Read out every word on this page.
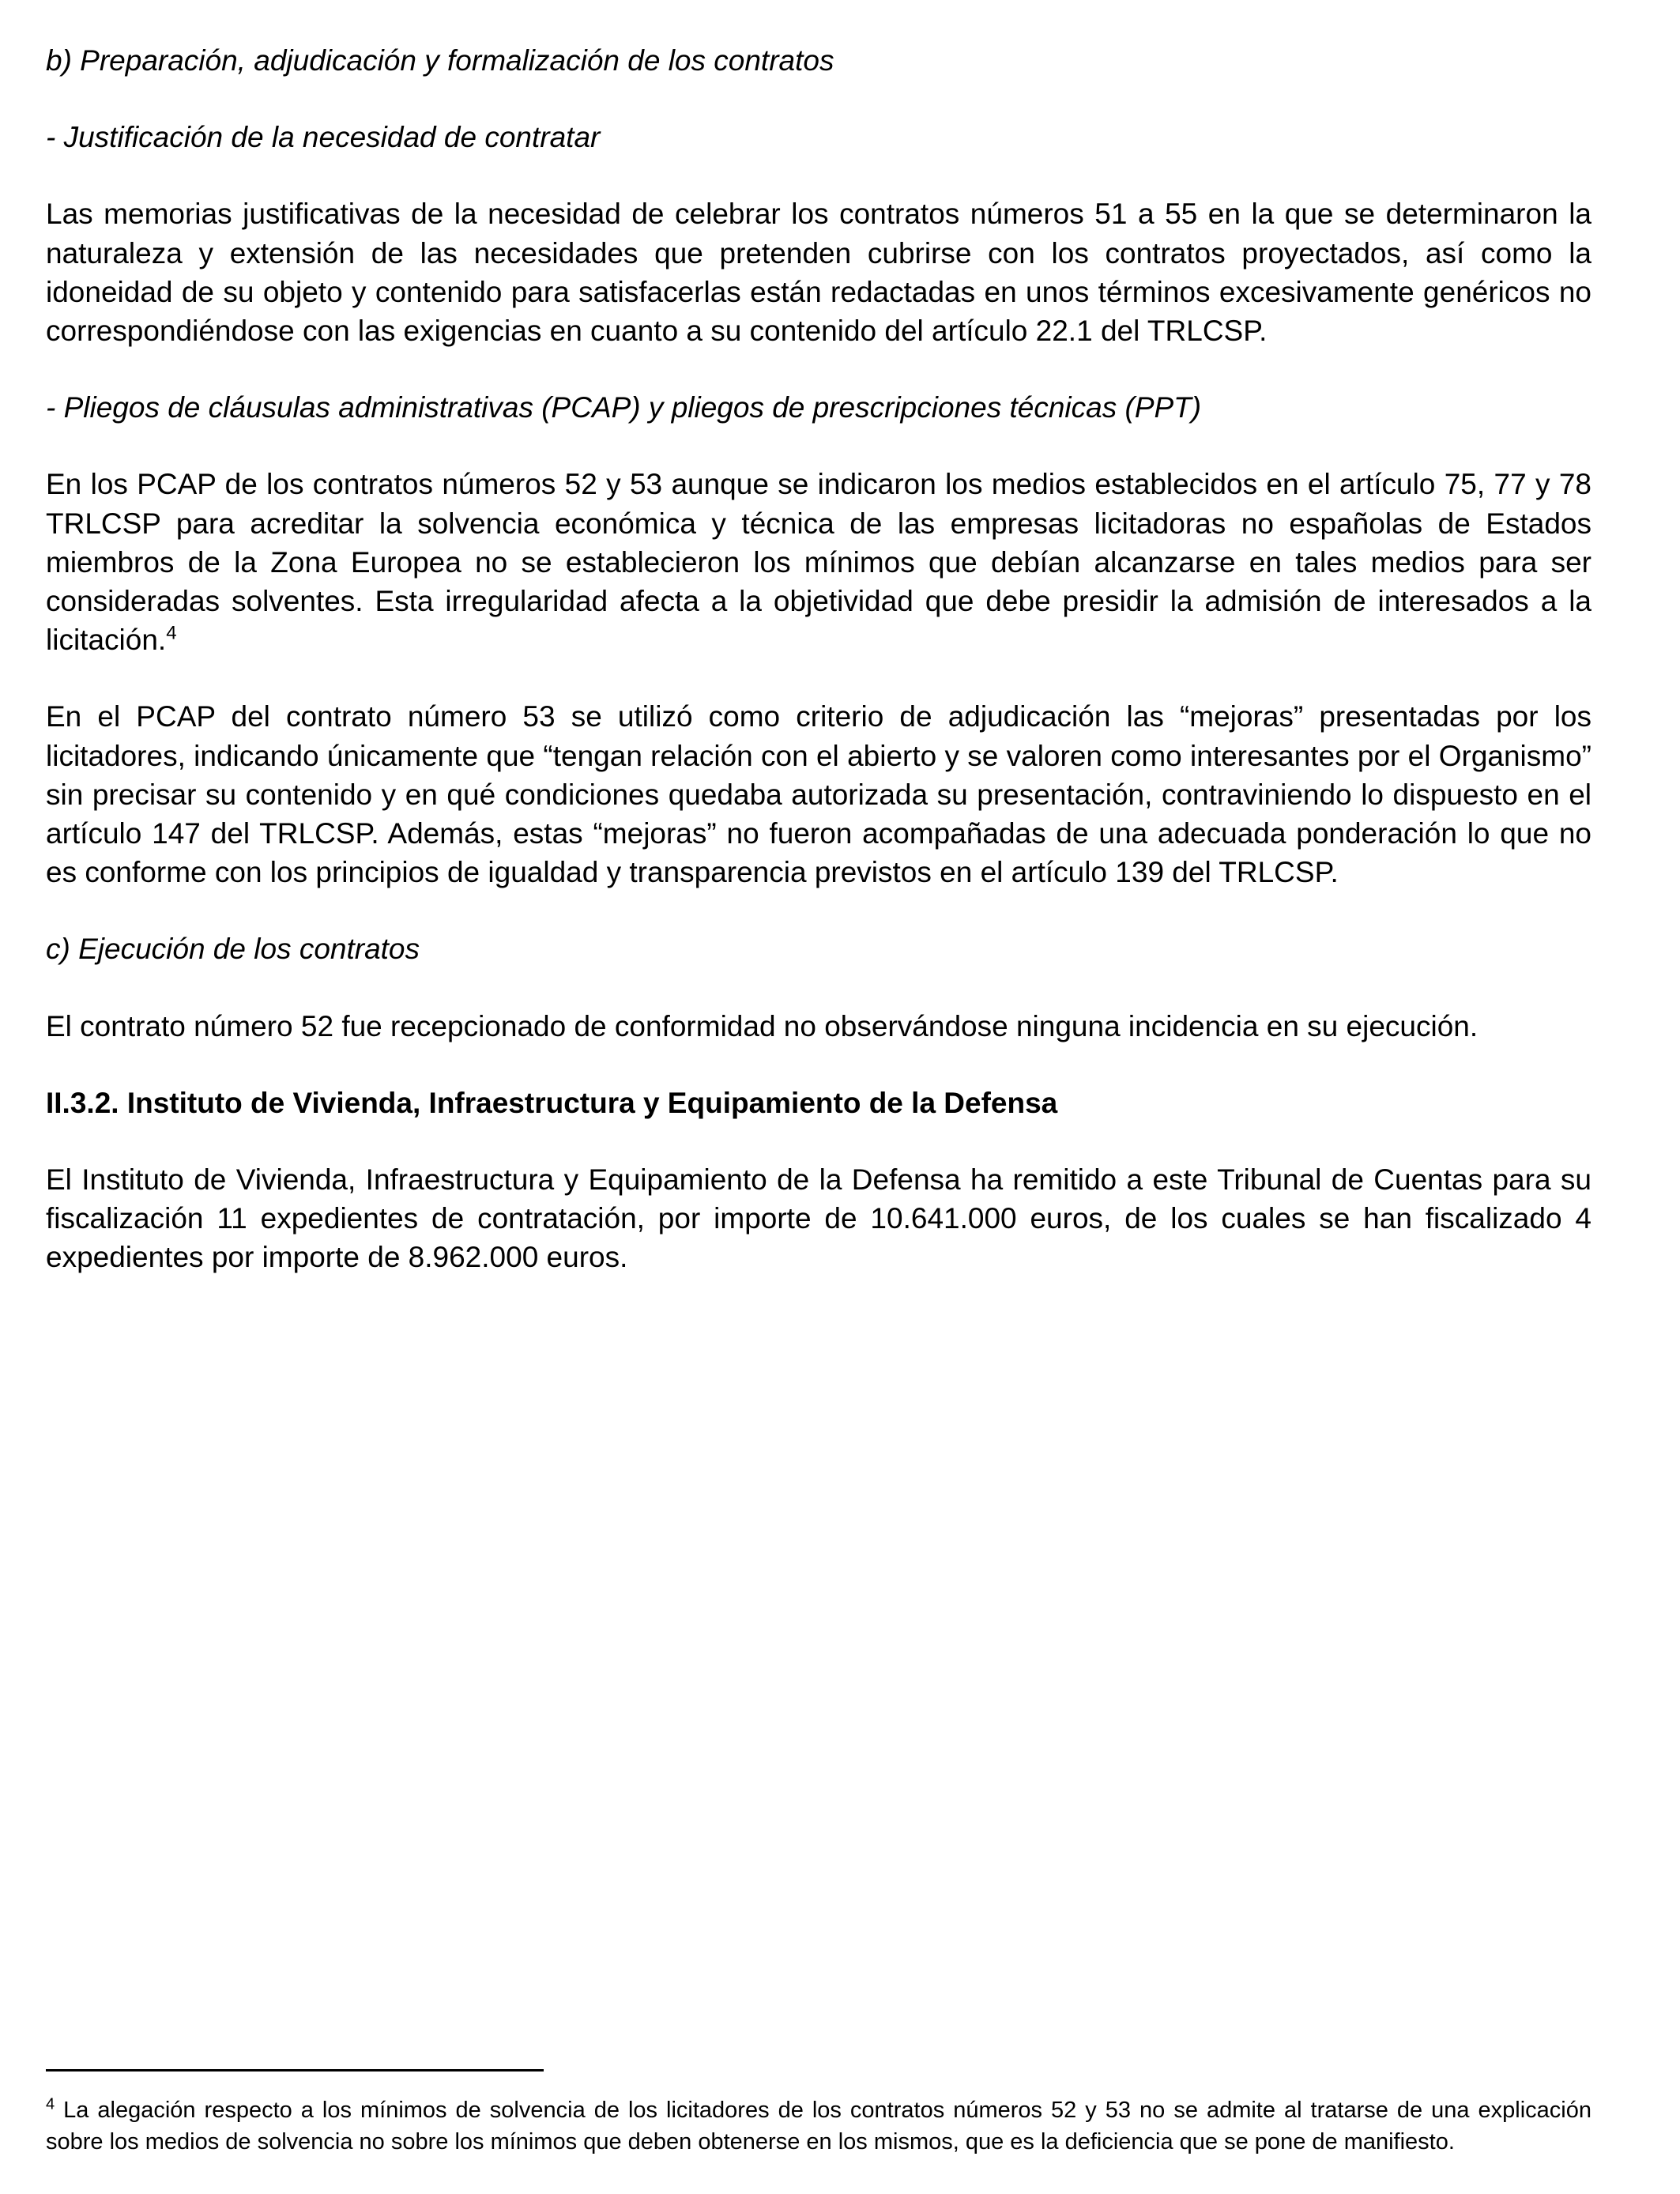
b) Preparación, adjudicación y formalización de los contratos

- Justificación de la necesidad de contratar

Las memorias justificativas de la necesidad de celebrar los contratos números 51 a 55 en la que se determinaron la naturaleza y extensión de las necesidades que pretenden cubrirse con los contratos proyectados, así como la idoneidad de su objeto y contenido para satisfacerlas están redactadas en unos términos excesivamente genéricos no correspondiéndose con las exigencias en cuanto a su contenido del artículo 22.1 del TRLCSP.

- Pliegos de cláusulas administrativas (PCAP) y pliegos de prescripciones técnicas (PPT)

En los PCAP de los contratos números 52 y 53 aunque se indicaron los medios establecidos en el artículo 75, 77 y 78 TRLCSP para acreditar la solvencia económica y técnica de las empresas licitadoras no españolas de Estados miembros de la Zona Europea no se establecieron los mínimos que debían alcanzarse en tales medios para ser consideradas solventes. Esta irregularidad afecta a la objetividad que debe presidir la admisión de interesados a la licitación.$^4$

En el PCAP del contrato número 53 se utilizó como criterio de adjudicación las “mejoras” presentadas por los licitadores, indicando únicamente que “tengan relación con el abierto y se valoren como interesantes por el Organismo” sin precisar su contenido y en qué condiciones quedaba autorizada su presentación, contraviniendo lo dispuesto en el artículo 147 del TRLCSP. Además, estas “mejoras” no fueron acompañadas de una adecuada ponderación lo que no es conforme con los principios de igualdad y transparencia previstos en el artículo 139 del TRLCSP.

c) Ejecución de los contratos

El contrato número 52 fue recepcionado de conformidad no observándose ninguna incidencia en su ejecución.

II.3.2. Instituto de Vivienda, Infraestructura y Equipamiento de la Defensa

El Instituto de Vivienda, Infraestructura y Equipamiento de la Defensa ha remitido a este Tribunal de Cuentas para su fiscalización 11 expedientes de contratación, por importe de 10.641.000 euros, de los cuales se han fiscalizado 4 expedientes por importe de 8.962.000 euros.

$^4$ La alegación respecto a los mínimos de solvencia de los licitadores de los contratos números 52 y 53 no se admite al tratarse de una explicación sobre los medios de solvencia no sobre los mínimos que deben obtenerse en los mismos, que es la deficiencia que se pone de manifiesto.
